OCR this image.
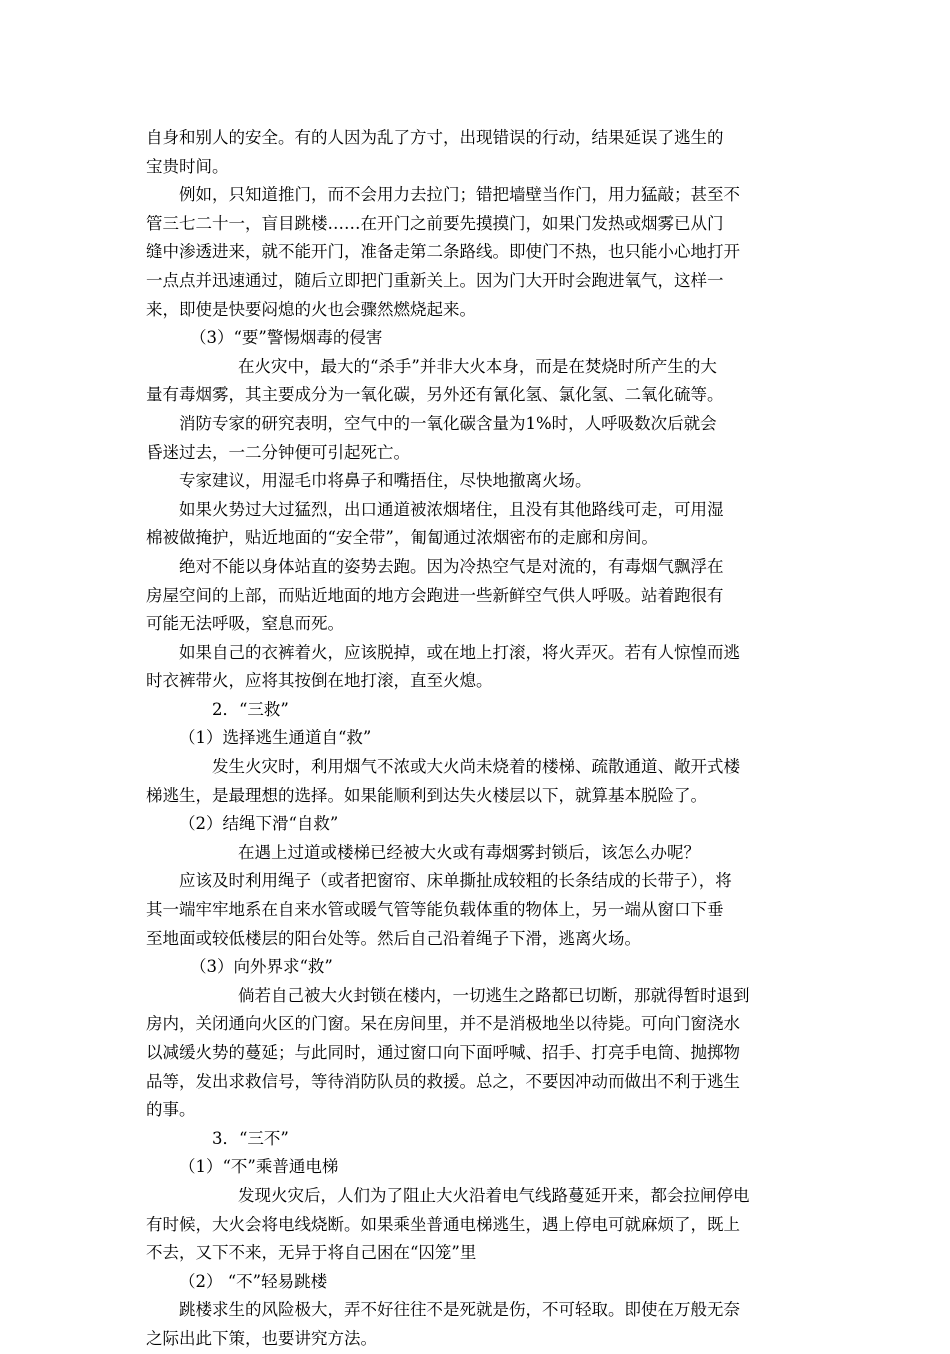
自身和别人的安全。有的人因为乱了方寸，出现错误的行动，结果延误了逃生的
宝贵时间。
例如，只知道推门，而不会用力去拉门；错把墙壁当作门，用力猛敲；甚至不
管三七二十一，盲目跳楼……在开门之前要先摸摸门，如果门发热或烟雾已从门
缝中渗透进来，就不能开门，准备走第二条路线。即使门不热，也只能小心地打开
一点点并迅速通过，随后立即把门重新关上。因为门大开时会跑进氧气，这样一
来，即使是快要闷熄的火也会骤然燃烧起来。
（3）“要”警惕烟毒的侵害
在火灾中，最大的“杀手”并非大火本身，而是在焚烧时所产生的大
量有毒烟雾，其主要成分为一氧化碳，另外还有氰化氢、氯化氢、二氧化硫等。
消防专家的研究表明，空气中的一氧化碳含量为1%时，人呼吸数次后就会
昏迷过去，一二分钟便可引起死亡。
专家建议，用湿毛巾将鼻子和嘴捂住，尽快地撤离火场。
如果火势过大过猛烈，出口通道被浓烟堵住，且没有其他路线可走，可用湿
棉被做掩护，贴近地面的“安全带”，匍匐通过浓烟密布的走廊和房间。
绝对不能以身体站直的姿势去跑。因为冷热空气是对流的，有毒烟气飘浮在
房屋空间的上部，而贴近地面的地方会跑进一些新鲜空气供人呼吸。站着跑很有
可能无法呼吸，窒息而死。
如果自己的衣裤着火，应该脱掉，或在地上打滚，将火弄灭。若有人惊惶而逃
时衣裤带火，应将其按倒在地打滚，直至火熄。
2．“三救”
（1）选择逃生通道自“救”
发生火灾时，利用烟气不浓或大火尚未烧着的楼梯、疏散通道、敞开式楼
梯逃生，是最理想的选择。如果能顺利到达失火楼层以下，就算基本脱险了。
（2）结绳下滑“自救”
在遇上过道或楼梯已经被大火或有毒烟雾封锁后，该怎么办呢？
应该及时利用绳子（或者把窗帘、床单撕扯成较粗的长条结成的长带子），将
其一端牢牢地系在自来水管或暖气管等能负载体重的物体上，另一端从窗口下垂
至地面或较低楼层的阳台处等。然后自己沿着绳子下滑，逃离火场。
（3）向外界求“救”
倘若自己被大火封锁在楼内，一切逃生之路都已切断，那就得暂时退到
房内，关闭通向火区的门窗。呆在房间里，并不是消极地坐以待毙。可向门窗浇水
以减缓火势的蔓延；与此同时，通过窗口向下面呼喊、招手、打亮手电筒、抛掷物
品等，发出求救信号，等待消防队员的救援。总之，不要因冲动而做出不利于逃生
的事。
3．“三不”
（1）“不”乘普通电梯
发现火灾后，人们为了阻止大火沿着电气线路蔓延开来，都会拉闸停电
有时候，大火会将电线烧断。如果乘坐普通电梯逃生，遇上停电可就麻烦了，既上
不去，又下不来，无异于将自己困在“囚笼”里
（2） “不”轻易跳楼
跳楼求生的风险极大，弄不好往往不是死就是伤，不可轻取。即使在万般无奈
之际出此下策，也要讲究方法。
